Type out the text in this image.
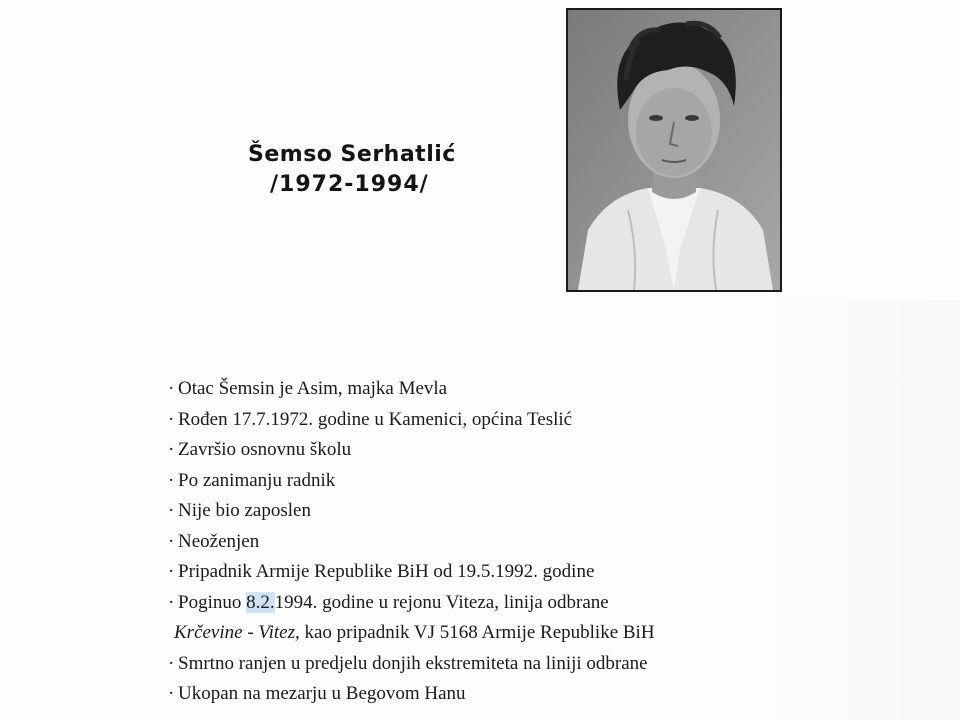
Šemso Serhatlić
/1972-1994/
· Otac Šemsin je Asim, majka Mevla
· Rođen 17.7.1972. godine u Kamenici, općina Teslić
· Završio osnovnu školu
· Po zanimanju radnik
· Nije bio zaposlen
· Neoženjen
· Pripadnik Armije Republike BiH od 19.5.1992. godine
· Poginuo 8.2.1994. godine u rejonu Viteza, linija odbrane
Krčevine - Vitez, kao pripadnik VJ 5168 Armije Republike BiH
· Smrtno ranjen u predjelu donjih ekstremiteta na liniji odbrane
· Ukopan na mezarju u Begovom Hanu
